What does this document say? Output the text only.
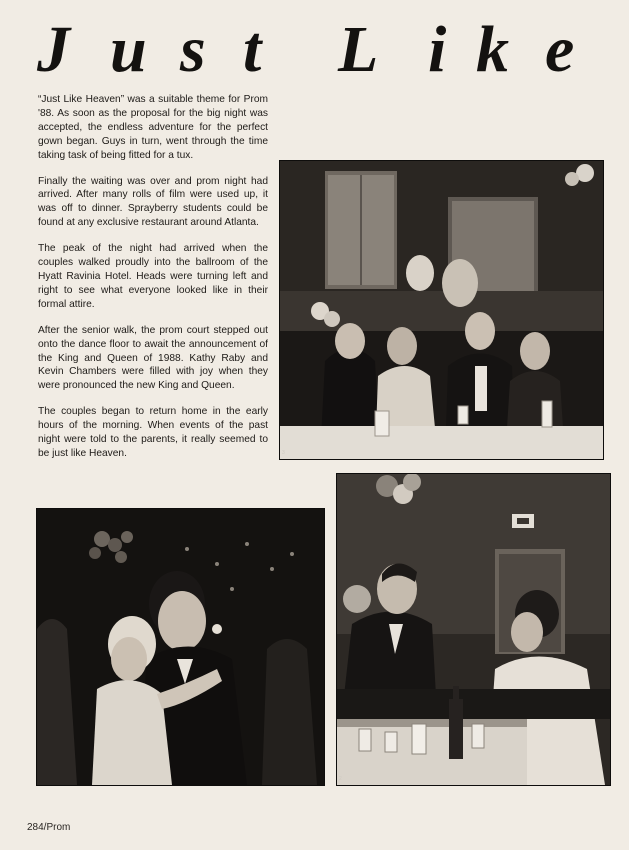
J u s t L i k e

“Just Like Heaven” was a suitable theme for Prom '88. As soon as the proposal for the big night was accepted, the endless adventure for the perfect gown began. Guys in turn, went through the time taking task of being fitted for a tux.

Finally the waiting was over and prom night had arrived. After many rolls of film were used up, it was off to dinner. Sprayberry students could be found at any exclusive restaurant around Atlanta.

The peak of the night had arrived when the couples walked proudly into the ballroom of the Hyatt Ravinia Hotel. Heads were turning left and right to see what everyone looked like in their formal attire.

After the senior walk, the prom court stepped out onto the dance floor to await the announcement of the King and Queen of 1988. Kathy Raby and Kevin Chambers were filled with joy when they were pronounced the new King and Queen.

The couples began to return home in the early hours of the morning. When events of the past night were told to the parents, it really seemed to be just like Heaven.	3
2
284/Prom
